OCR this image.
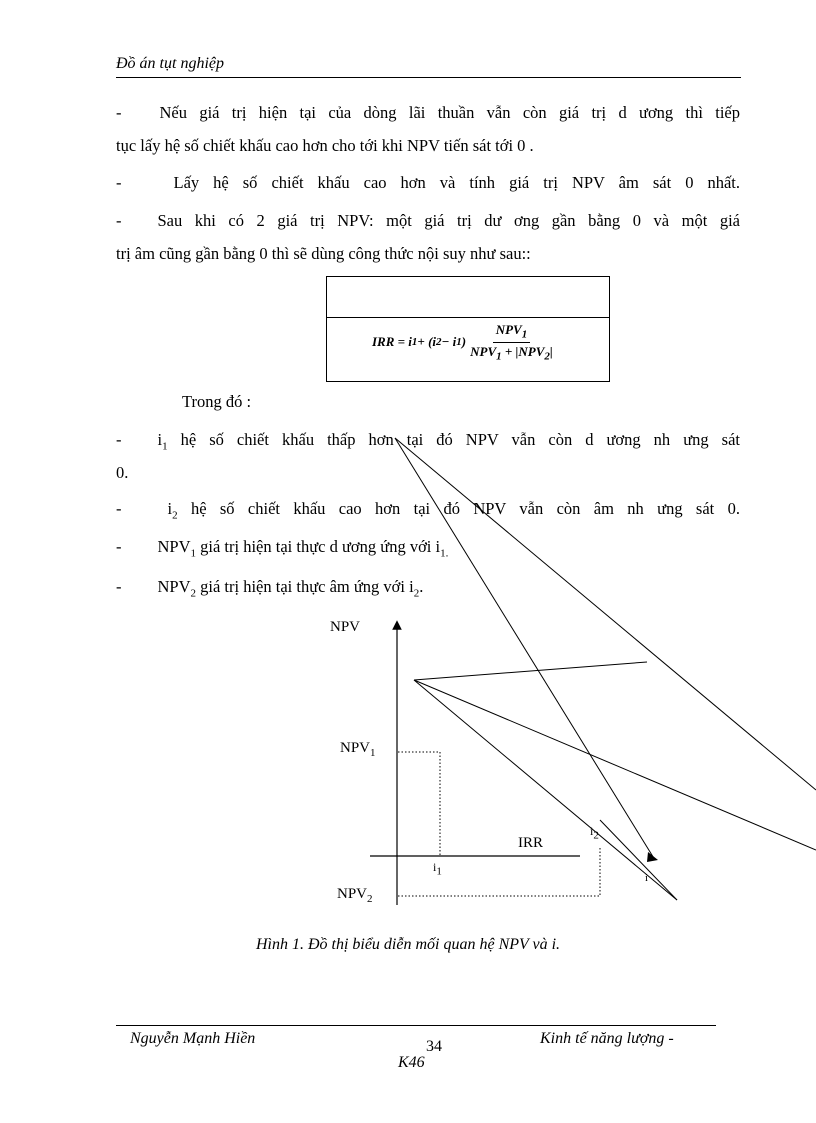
Đồ án tụt nghiệp
- Nếu giá trị hiện tại của dòng lãi thuần vẫn còn giá trị d ương thì tiếp
tục lấy hệ số chiết khấu cao hơn cho tới khi NPV tiến sát tới 0 .
-	Lấy hệ số chiết khấu cao hơn và tính giá trị NPV âm sát 0 nhất.
- Sau khi có 2 giá trị NPV: một giá trị dư ơng gần bằng 0 và một giá
trị âm cũng gần bằng 0 thì sẽ dùng công thức nội suy như sau::
IRR = i 1 + (i 2 − i 1 ) $\frac{NPV_1}{NPV_1 + |NPV_2|}$
Trong đó :
- $i_1$ hệ số chiết khấu thấp hơn tại đó NPV vẫn còn d ương nh ưng sát
0.
-	$i_2$ hệ số chiết khấu cao hơn tại đó NPV vẫn còn âm nh ưng sát 0.
- $NPV_1$ giá trị hiện tại thực d ương ứng với $i_{1.}$
- $NPV_2$ giá trị hiện tại thực âm ứng với $i_2$.
NPV
$NPV_1$
IRR
$i_1$
$i_2$
i
$NPV_2$
Hình 1. Đồ thị biểu diễn mối quan hệ NPV và i.
Nguyễn Mạnh Hiền	34	Kinh tế năng lượng -
K46
